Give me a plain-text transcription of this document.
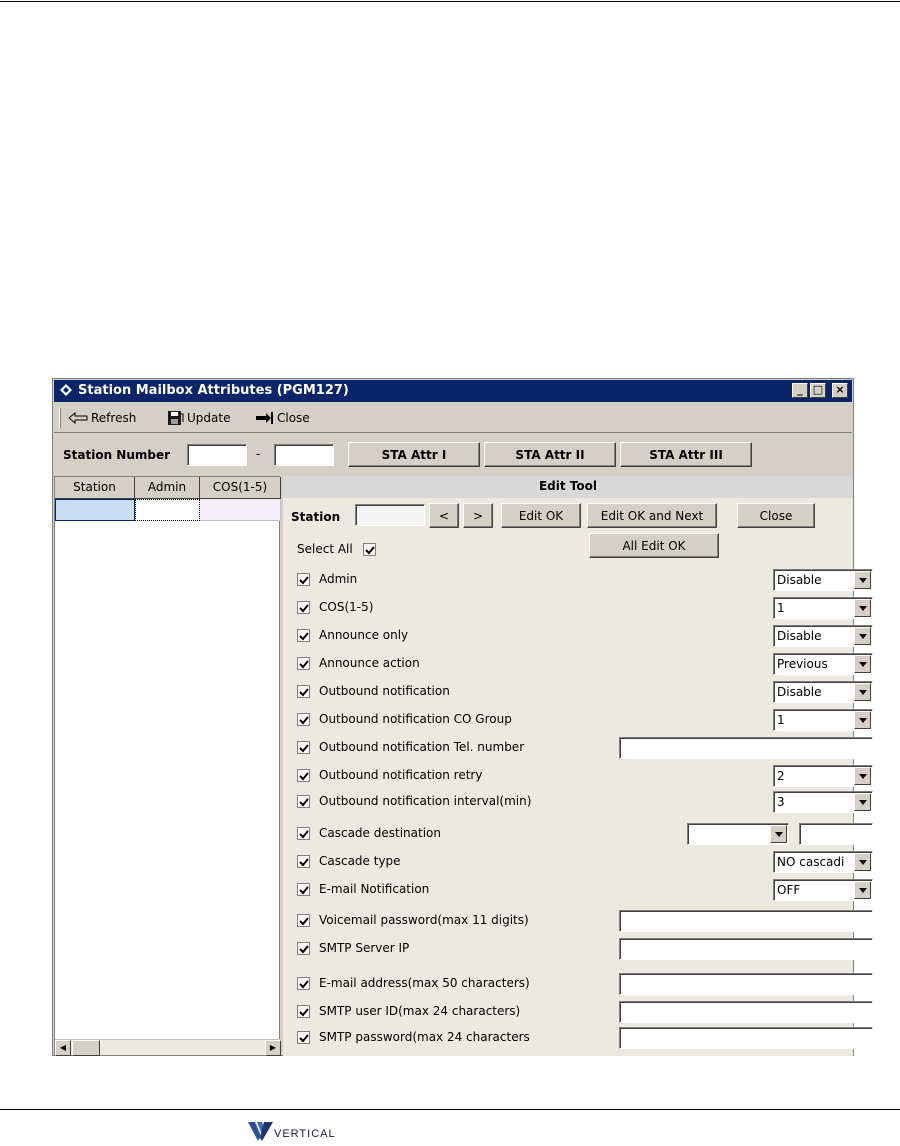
Station Mailbox Attributes (PGM127)	_ □	×
Refresh	Update	Close
Station Number	-	STA Attr I	STA Attr II	STA Attr III
Station	Admin	COS(1-5)
◀	▶
Edit Tool
Station	<	>	Edit OK	Edit OK and Next	Close
All Edit OK
Select All
Admin	Disable
COS(1-5)	1
Announce only	Disable
Announce action	Previous
Outbound notification	Disable
Outbound notification CO Group	1
Outbound notification Tel. number
Outbound notification retry	2
Outbound notification interval(min)	3
Cascade destination
Cascade type	NO cascadi
E-mail Notification	OFF
Voicemail password(max 11 digits)
SMTP Server IP
E-mail address(max 50 characters)
SMTP user ID(max 24 characters)
SMTP password(max 24 characters
VERTICAL
